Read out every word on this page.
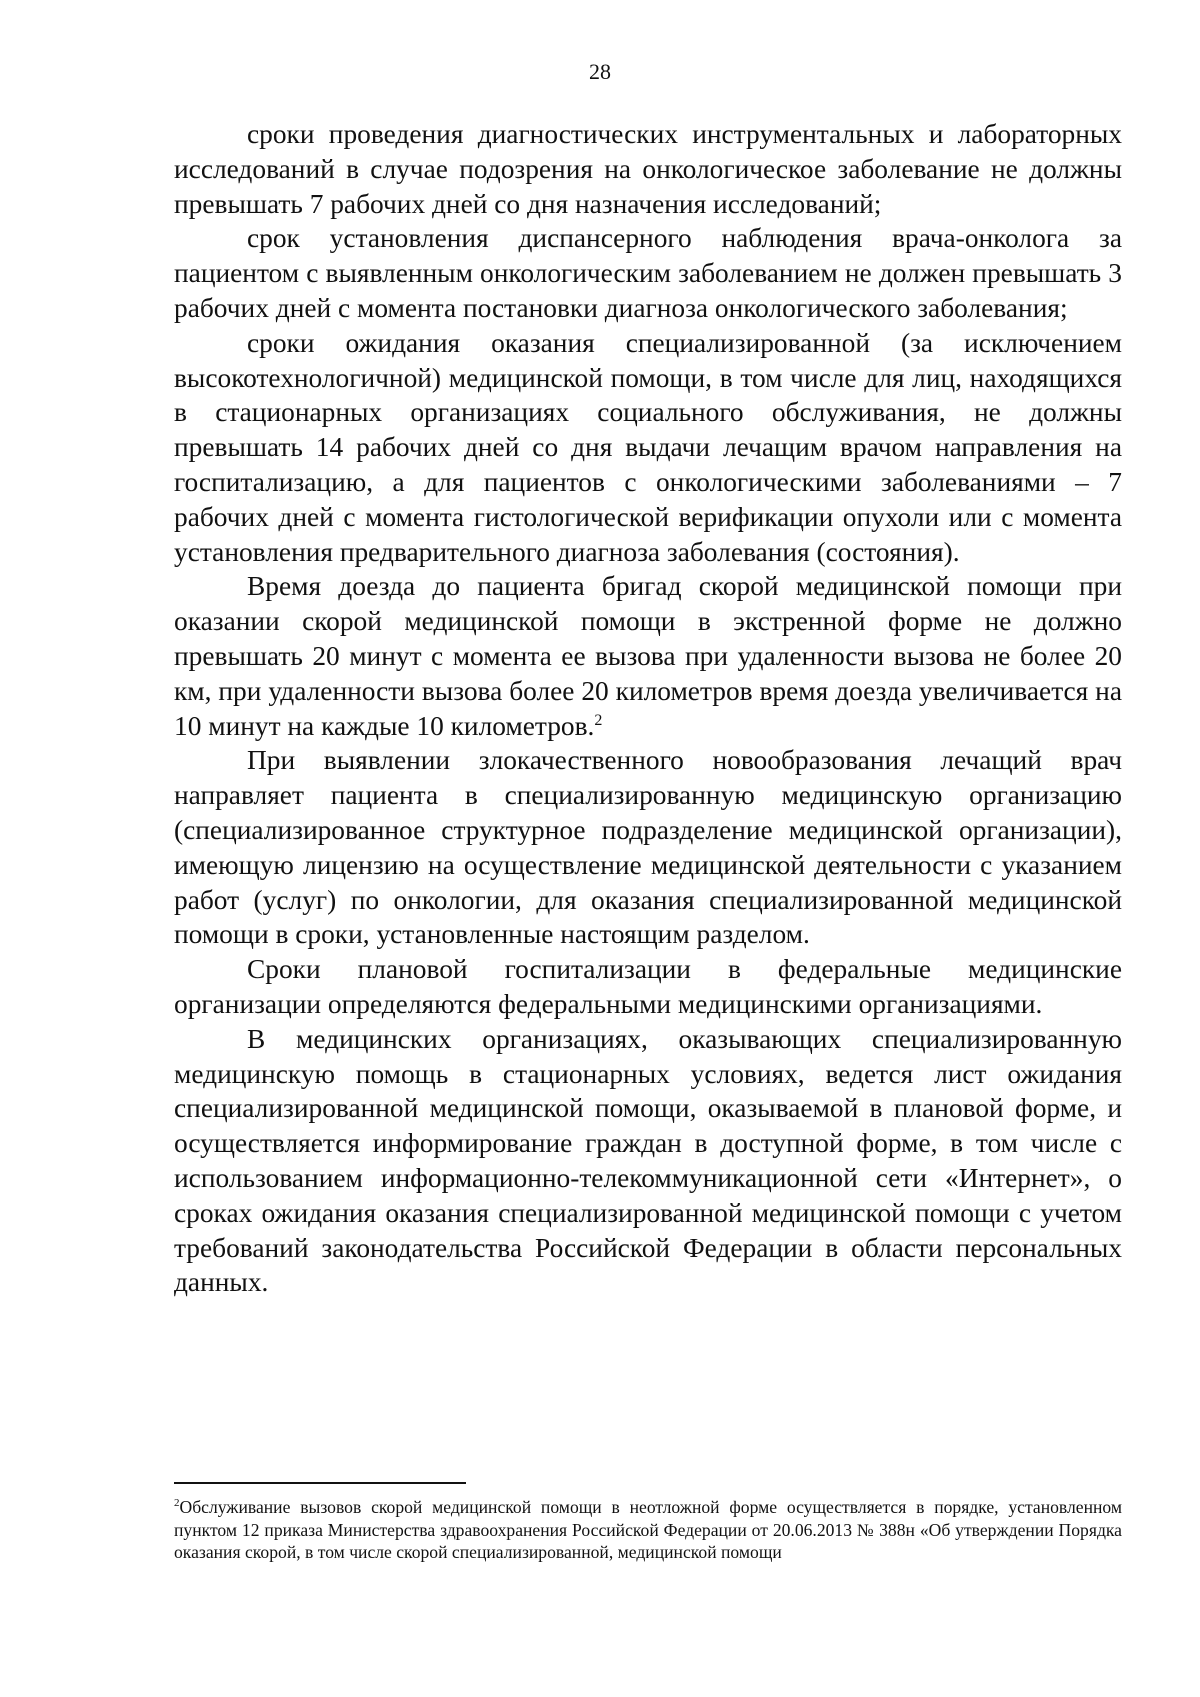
28

сроки проведения диагностических инструментальных и лабораторных исследований в случае подозрения на онкологическое заболевание не должны превышать 7 рабочих дней со дня назначения исследований;

срок установления диспансерного наблюдения врача-онколога за пациентом с выявленным онкологическим заболеванием не должен превышать 3 рабочих дней с момента постановки диагноза онкологического заболевания;

сроки ожидания оказания специализированной (за исключением высокотехнологичной) медицинской помощи, в том числе для лиц, находящихся в стационарных организациях социального обслуживания, не должны превышать 14 рабочих дней со дня выдачи лечащим врачом направления на госпитализацию, а для пациентов с онкологическими заболеваниями – 7 рабочих дней с момента гистологической верификации опухоли или с момента установления предварительного диагноза заболевания (состояния).

Время доезда до пациента бригад скорой медицинской помощи при оказании скорой медицинской помощи в экстренной форме не должно превышать 20 минут с момента ее вызова при удаленности вызова не более 20 км, при удаленности вызова более 20 километров время доезда увеличивается на 10 минут на каждые 10 километров.$^2$

При выявлении злокачественного новообразования лечащий врач направляет пациента в специализированную медицинскую организацию (специализированное структурное подразделение медицинской организации), имеющую лицензию на осуществление медицинской деятельности с указанием работ (услуг) по онкологии, для оказания специализированной медицинской помощи в сроки, установленные настоящим разделом.

Сроки плановой госпитализации в федеральные медицинские организации определяются федеральными медицинскими организациями.

В медицинских организациях, оказывающих специализированную медицинскую помощь в стационарных условиях, ведется лист ожидания специализированной медицинской помощи, оказываемой в плановой форме, и осуществляется информирование граждан в доступной форме, в том числе с использованием информационно-телекоммуникационной сети «Интернет», о сроках ожидания оказания специализированной медицинской помощи с учетом требований законодательства Российской Федерации в области персональных данных.

$^2$Обслуживание вызовов скорой медицинской помощи в неотложной форме осуществляется в порядке, установленном пунктом 12 приказа Министерства здравоохранения Российской Федерации от 20.06.2013 № 388н «Об утверждении Порядка оказания скорой, в том числе скорой специализированной, медицинской помощи
